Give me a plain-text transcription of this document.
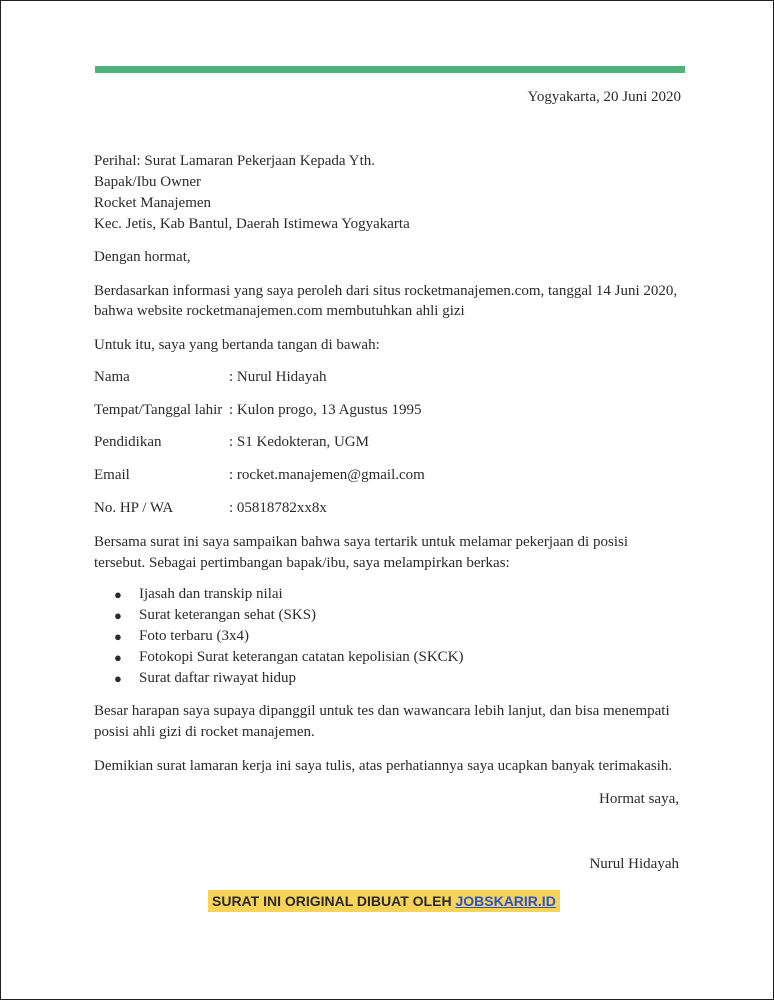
Yogyakarta, 20 Juni 2020
Perihal: Surat Lamaran Pekerjaan Kepada Yth.
Bapak/Ibu Owner
Rocket Manajemen
Kec. Jetis, Kab Bantul, Daerah Istimewa Yogyakarta
Dengan hormat,
Berdasarkan informasi yang saya peroleh dari situs rocketmanajemen.com, tanggal 14 Juni 2020,
bahwa website rocketmanajemen.com membutuhkan ahli gizi
Untuk itu, saya yang bertanda tangan di bawah:
Nama	: Nurul Hidayah
Tempat/Tanggal lahir : Kulon progo, 13 Agustus 1995
Pendidikan	: S1 Kedokteran, UGM
Email	: rocket.manajemen@gmail.com
No. HP / WA	: 05818782xx8x
Bersama surat ini saya sampaikan bahwa saya tertarik untuk melamar pekerjaan di posisi
tersebut. Sebagai pertimbangan bapak/ibu, saya melampirkan berkas:
● Ijasah dan transkip nilai
● Surat keterangan sehat (SKS)
● Foto terbaru (3x4)
● Fotokopi Surat keterangan catatan kepolisian (SKCK)
● Surat daftar riwayat hidup
Besar harapan saya supaya dipanggil untuk tes dan wawancara lebih lanjut, dan bisa menempati
posisi ahli gizi di rocket manajemen.
Demikian surat lamaran kerja ini saya tulis, atas perhatiannya saya ucapkan banyak terimakasih.
Hormat saya,
Nurul Hidayah
SURAT INI ORIGINAL DIBUAT OLEH JOBSKARIR.ID
